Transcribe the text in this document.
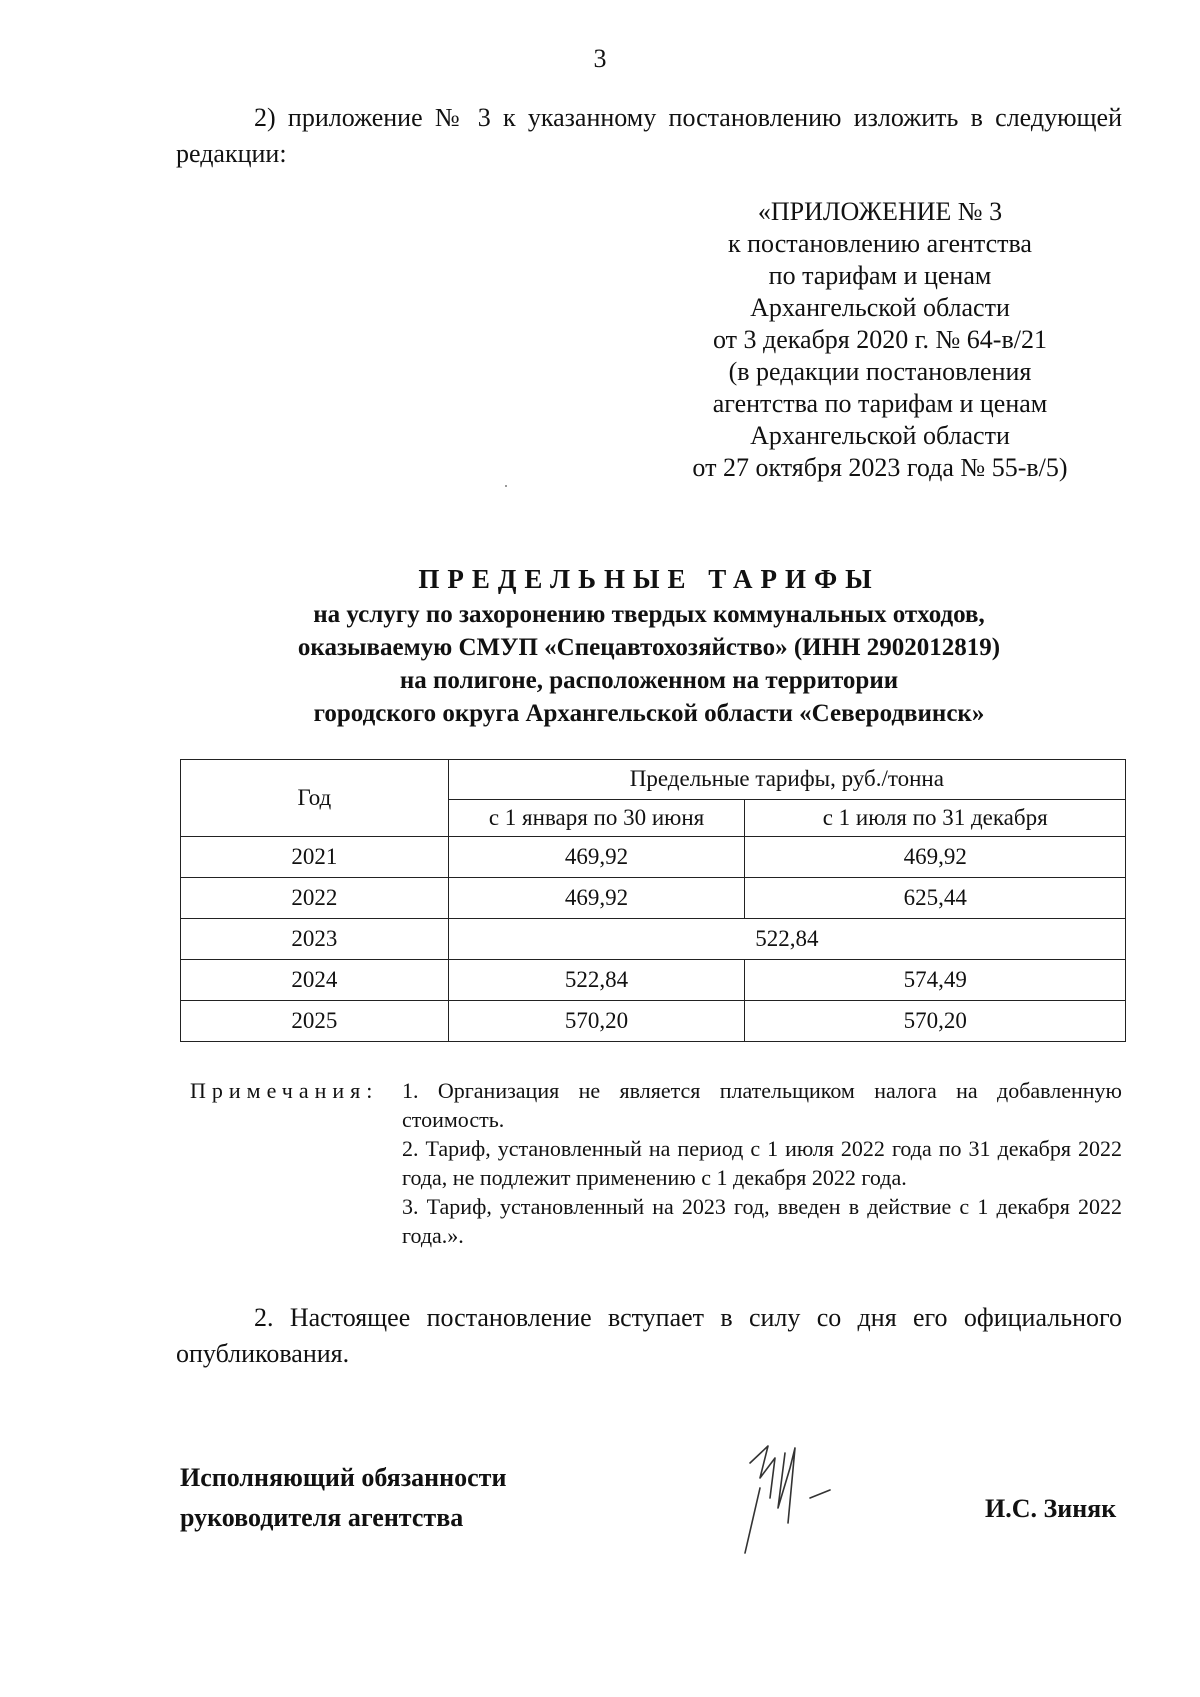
3

2) приложение № 3 к указанному постановлению изложить в следующей редакции:

«ПРИЛОЖЕНИЕ № 3
к постановлению агентства
по тарифам и ценам
Архангельской области
от 3 декабря 2020 г. № 64-в/21
(в редакции постановления
агентства по тарифам и ценам
Архангельской области
от 27 октября 2023 года № 55-в/5)
ПРЕДЕЛЬНЫЕ ТАРИФЫ
на услугу по захоронению твердых коммунальных отходов,
оказываемую СМУП «Спецавтохозяйство» (ИНН 2902012819)
на полигоне, расположенном на территории
городского округа Архангельской области «Северодвинск»
Год	Предельные тарифы, руб./тонна	
	с 1 января по 30 июня	с 1 июля по 31 декабря
2021	469,92	469,92
2022	469,92	625,44
2023	522,84	
2024	522,84	574,49
2025	570,20	570,20
Примечания: 1. Организация не является плательщиком налога на добавленную стоимость.
2. Тариф, установленный на период с 1 июля 2022 года по 31 декабря 2022 года, не подлежит применению с 1 декабря 2022 года.
3. Тариф, установленный на 2023 год, введен в действие с 1 декабря 2022 года.».

2. Настоящее постановление вступает в силу со дня его официального опубликования.

Исполняющий обязанности
руководителя агентства	И.С. Зиняк
